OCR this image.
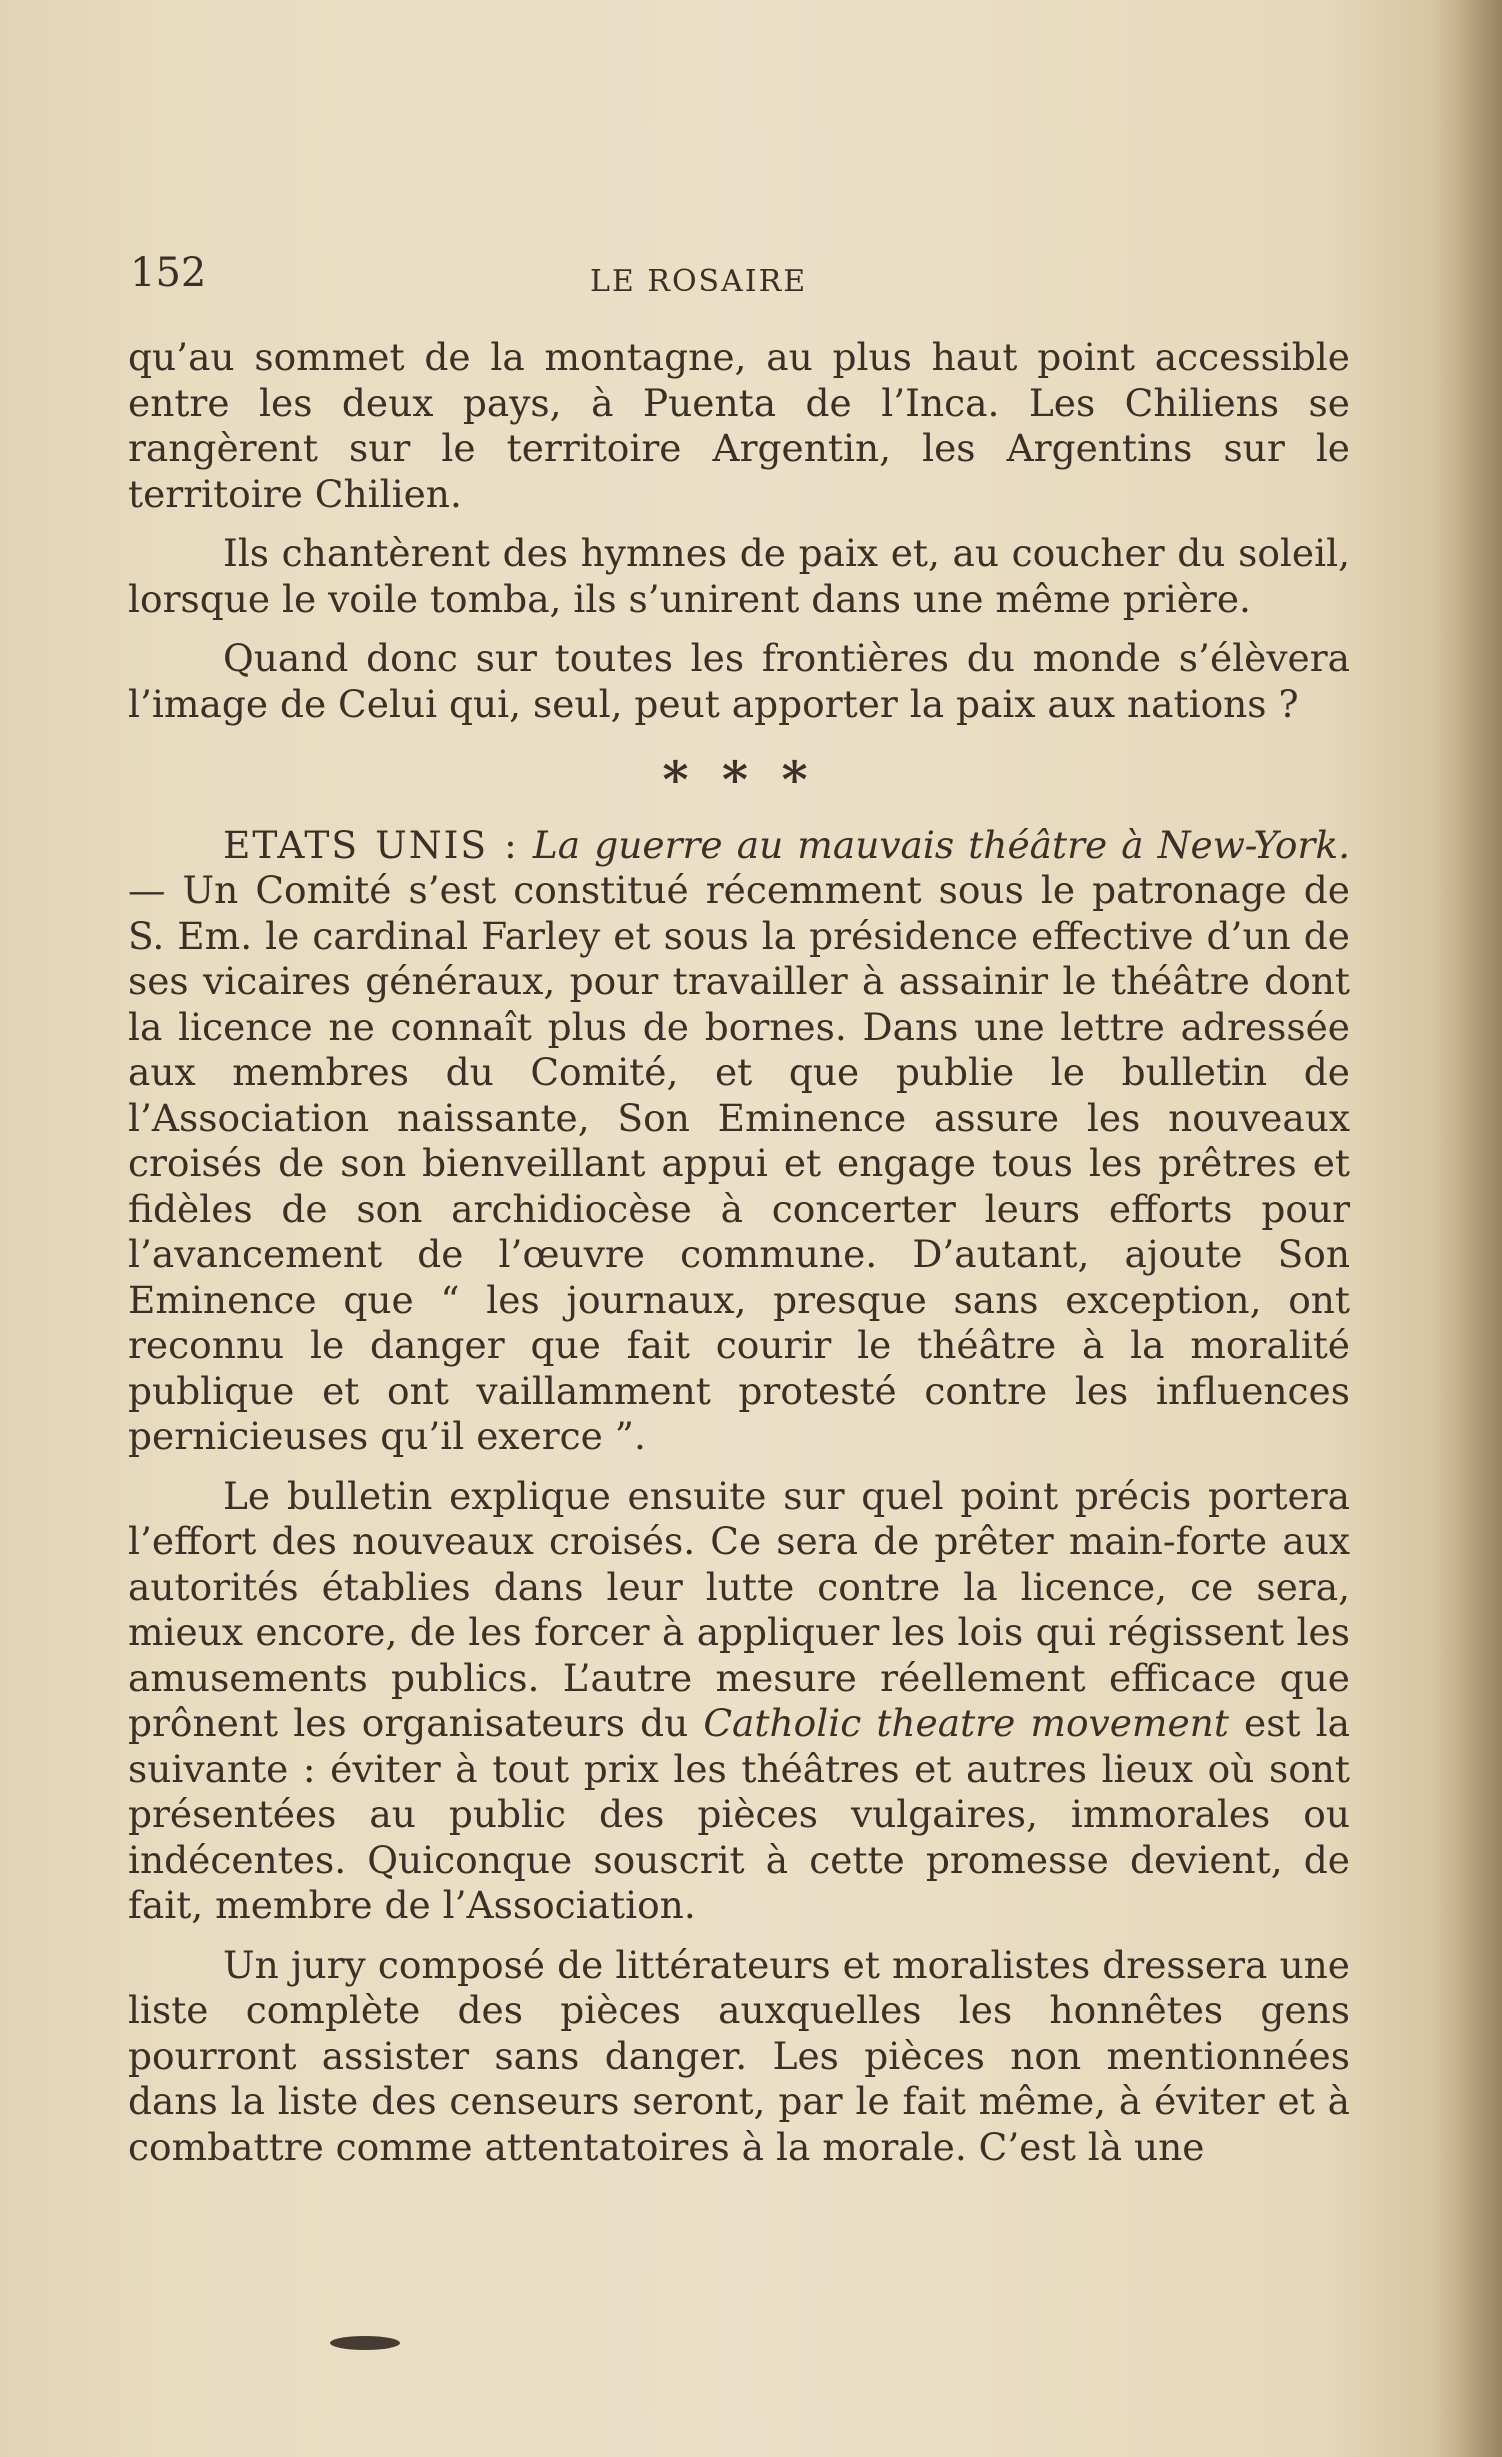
152	LE ROSAIRE

qu’au sommet de la montagne, au plus haut point accessible entre les deux pays, à Puenta de l’Inca. Les Chiliens se rangèrent sur le territoire Argentin, les Argentins sur le territoire Chilien.

Ils chantèrent des hymnes de paix et, au coucher du soleil, lorsque le voile tomba, ils s’unirent dans une même prière.

Quand donc sur toutes les frontières du monde s’élèvera l’image de Celui qui, seul, peut apporter la paix aux nations ?

* * *

ETATS UNIS : La guerre au mauvais théâtre à New-York. — Un Comité s’est constitué récemment sous le patronage de S. Em. le cardinal Farley et sous la présidence effective d’un de ses vicaires généraux, pour travailler à assainir le théâtre dont la licence ne connaît plus de bornes. Dans une lettre adressée aux membres du Comité, et que publie le bulletin de l’Association naissante, Son Eminence assure les nouveaux croisés de son bienveillant appui et engage tous les prêtres et fidèles de son archidiocèse à concerter leurs efforts pour l’avancement de l’œuvre commune. D’autant, ajoute Son Eminence que “ les journaux, presque sans exception, ont reconnu le danger que fait courir le théâtre à la moralité publique et ont vaillamment protesté contre les influences pernicieuses qu’il exerce ”.

Le bulletin explique ensuite sur quel point précis portera l’effort des nouveaux croisés. Ce sera de prêter main-forte aux autorités établies dans leur lutte contre la licence, ce sera, mieux encore, de les forcer à appliquer les lois qui régissent les amusements publics. L’autre mesure réellement efficace que prônent les organisateurs du Catholic theatre movement est la suivante : éviter à tout prix les théâtres et autres lieux où sont présentées au public des pièces vulgaires, immorales ou indécentes. Quiconque souscrit à cette promesse devient, de fait, membre de l’Association.

Un jury composé de littérateurs et moralistes dressera une liste complète des pièces auxquelles les honnêtes gens pourront assister sans danger. Les pièces non mentionnées dans la liste des censeurs seront, par le fait même, à éviter et à combattre comme attentatoires à la morale. C’est là une
